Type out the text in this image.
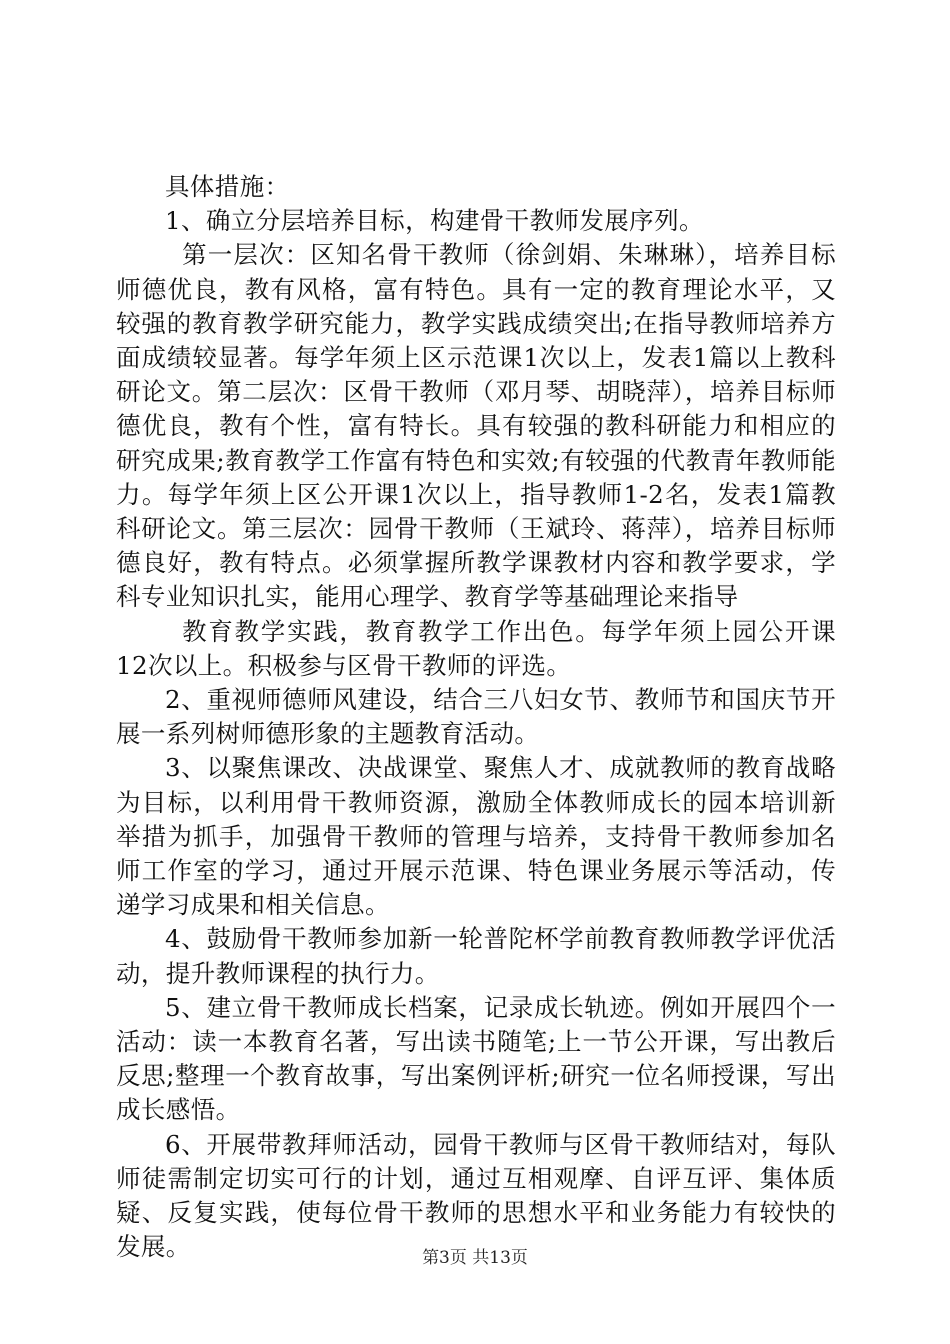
具体措施：

1、确立分层培养目标，构建骨干教师发展序列。

第一层次：区知名骨干教师（徐剑娟、朱琳琳），培养目标师德优良，教有风格，富有特色。具有一定的教育理论水平，又较强的教育教学研究能力，教学实践成绩突出;在指导教师培养方面成绩较显著。每学年须上区示范课1次以上，发表1篇以上教科研论文。第二层次：区骨干教师（邓月琴、胡晓萍），培养目标师德优良，教有个性，富有特长。具有较强的教科研能力和相应的研究成果;教育教学工作富有特色和实效;有较强的代教青年教师能力。每学年须上区公开课1次以上，指导教师1-2名，发表1篇教科研论文。第三层次：园骨干教师（王斌玲、蒋萍），培养目标师德良好，教有特点。必须掌握所教学课教材内容和教学要求，学科专业知识扎实，能用心理学、教育学等基础理论来指导

教育教学实践，教育教学工作出色。每学年须上园公开课12次以上。积极参与区骨干教师的评选。

2、重视师德师风建设，结合三八妇女节、教师节和国庆节开展一系列树师德形象的主题教育活动。

3、以聚焦课改、决战课堂、聚焦人才、成就教师的教育战略为目标，以利用骨干教师资源，激励全体教师成长的园本培训新举措为抓手，加强骨干教师的管理与培养，支持骨干教师参加名师工作室的学习，通过开展示范课、特色课业务展示等活动，传递学习成果和相关信息。

4、鼓励骨干教师参加新一轮普陀杯学前教育教师教学评优活动，提升教师课程的执行力。

5、建立骨干教师成长档案，记录成长轨迹。例如开展四个一活动：读一本教育名著，写出读书随笔;上一节公开课，写出教后反思;整理一个教育故事，写出案例评析;研究一位名师授课，写出成长感悟。

6、开展带教拜师活动，园骨干教师与区骨干教师结对，每队师徒需制定切实可行的计划，通过互相观摩、自评互评、集体质疑、反复实践，使每位骨干教师的思想水平和业务能力有较快的发展。	第3页 共13页
